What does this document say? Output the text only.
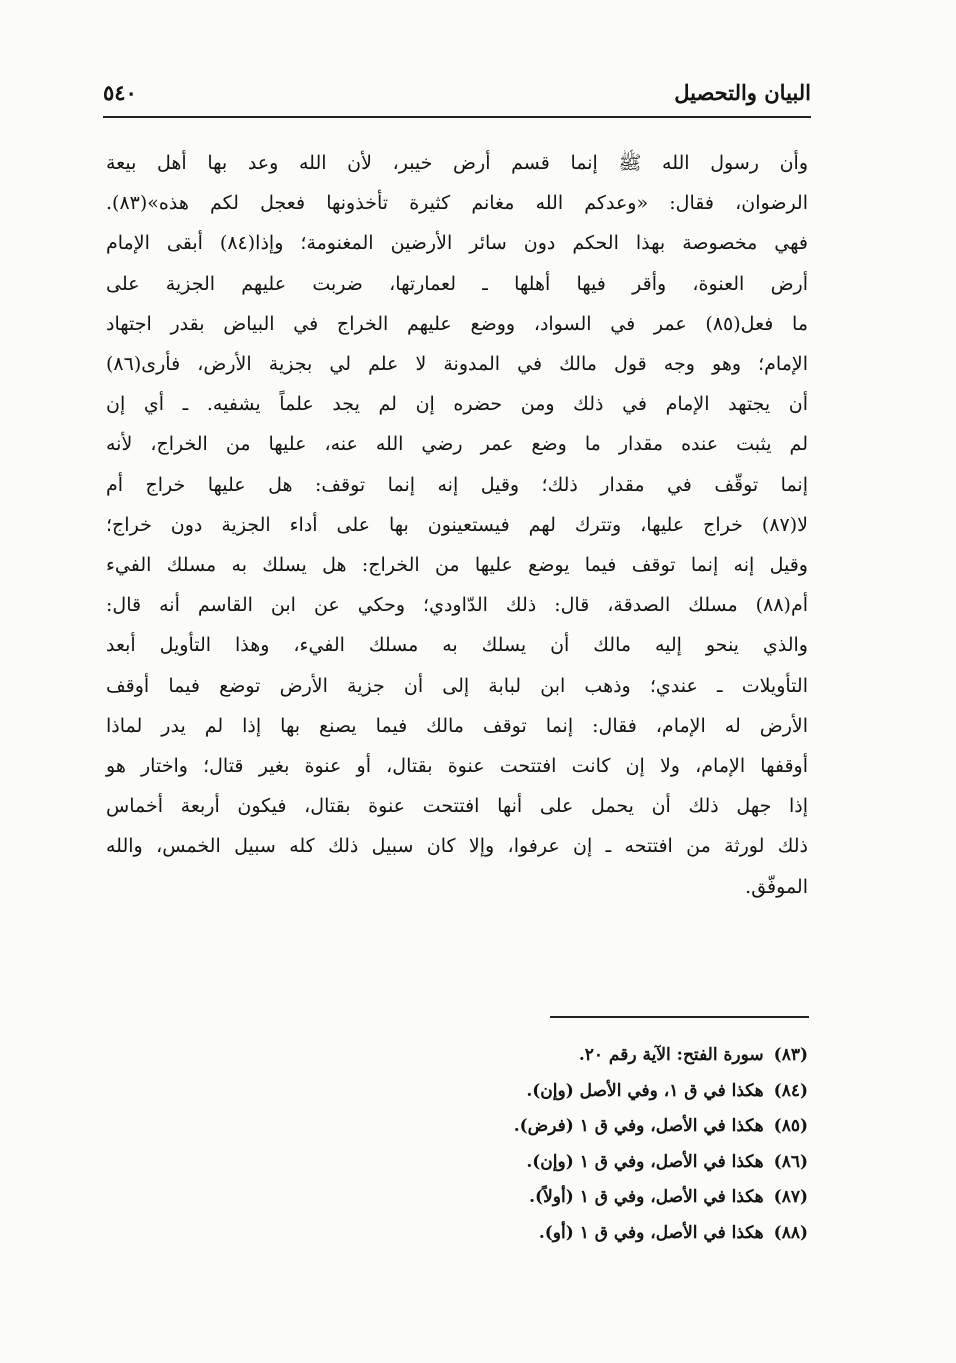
البيان والتحصيل
٥٤٠
وأن رسول الله ﷺ إنما قسم أرض خيبر، لأن الله وعد بها أهل بيعة
الرضوان، فقال: «وعدكم الله مغانم كثيرة تأخذونها فعجل لكم هذه»(٨٣).
فهي مخصوصة بهذا الحكم دون سائر الأرضين المغنومة؛ وإذا(٨٤) أبقى الإمام
أرض العنوة، وأقر فيها أهلها ـ لعمارتها، ضربت عليهم الجزية على
ما فعل(٨٥) عمر في السواد، ووضع عليهم الخراج في البياض بقدر اجتهاد
الإمام؛ وهو وجه قول مالك في المدونة لا علم لي بجزية الأرض، فأرى(٨٦)
أن يجتهد الإمام في ذلك ومن حضره إن لم يجد علماً يشفيه. ـ أي إن
لم يثبت عنده مقدار ما وضع عمر رضي الله عنه، عليها من الخراج، لأنه
إنما توقّف في مقدار ذلك؛ وقيل إنه إنما توقف: هل عليها خراج أم
لا(٨٧) خراج عليها، وتترك لهم فيستعينون بها على أداء الجزية دون خراج؛
وقيل إنه إنما توقف فيما يوضع عليها من الخراج: هل يسلك به مسلك الفيء
أم(٨٨) مسلك الصدقة، قال: ذلك الدّاودي؛ وحكي عن ابن القاسم أنه قال:
والذي ينحو إليه مالك أن يسلك به مسلك الفيء، وهذا التأويل أبعد
التأويلات ـ عندي؛ وذهب ابن لبابة إلى أن جزية الأرض توضع فيما أوقف
الأرض له الإمام، فقال: إنما توقف مالك فيما يصنع بها إذا لم يدر لماذا
أوقفها الإمام، ولا إن كانت افتتحت عنوة بقتال، أو عنوة بغير قتال؛ واختار هو
إذا جهل ذلك أن يحمل على أنها افتتحت عنوة بقتال، فيكون أربعة أخماس
ذلك لورثة من افتتحه ـ إن عرفوا، وإلا كان سبيل ذلك كله سبيل الخمس، والله
الموفّق.
(٨٣)سورة الفتح: الآية رقم ٢٠.
(٨٤)هكذا في ق ١، وفي الأصل (وإن).
(٨٥)هكذا في الأصل، وفي ق ١ (فرض).
(٨٦)هكذا في الأصل، وفي ق ١ (وإن).
(٨٧)هكذا في الأصل، وفي ق ١ (أولاً).
(٨٨)هكذا في الأصل، وفي ق ١ (أو).
